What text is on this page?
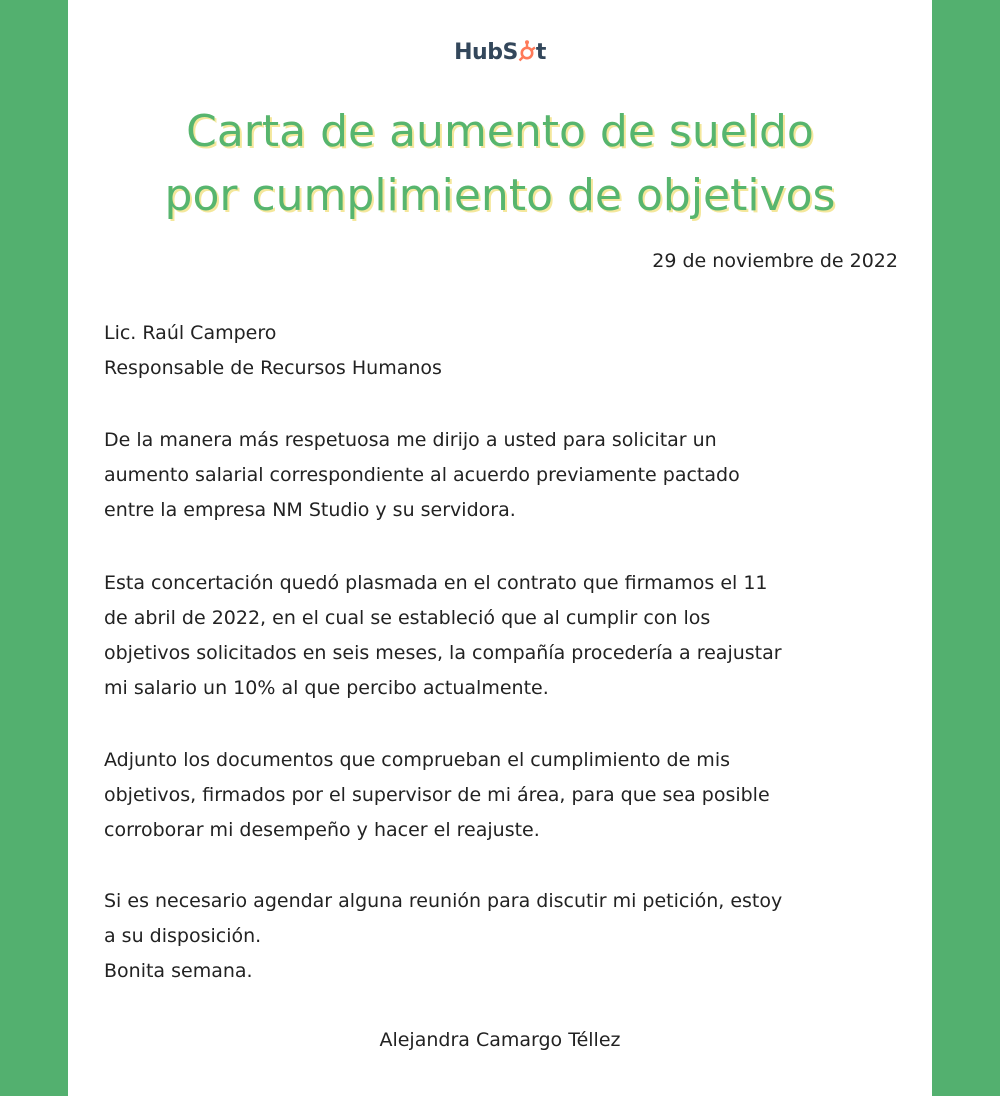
HubS t
Carta de aumento de sueldo
por cumplimiento de objetivos
29 de noviembre de 2022

Lic. Raúl Campero
Responsable de Recursos Humanos

De la manera más respetuosa me dirijo a usted para solicitar un
aumento salarial correspondiente al acuerdo previamente pactado
entre la empresa NM Studio y su servidora.

Esta concertación quedó plasmada en el contrato que firmamos el 11
de abril de 2022, en el cual se estableció que al cumplir con los
objetivos solicitados en seis meses, la compañía procedería a reajustar
mi salario un 10% al que percibo actualmente.

Adjunto los documentos que comprueban el cumplimiento de mis
objetivos, firmados por el supervisor de mi área, para que sea posible
corroborar mi desempeño y hacer el reajuste.

Si es necesario agendar alguna reunión para discutir mi petición, estoy
a su disposición.
Bonita semana.

Alejandra Camargo Téllez
